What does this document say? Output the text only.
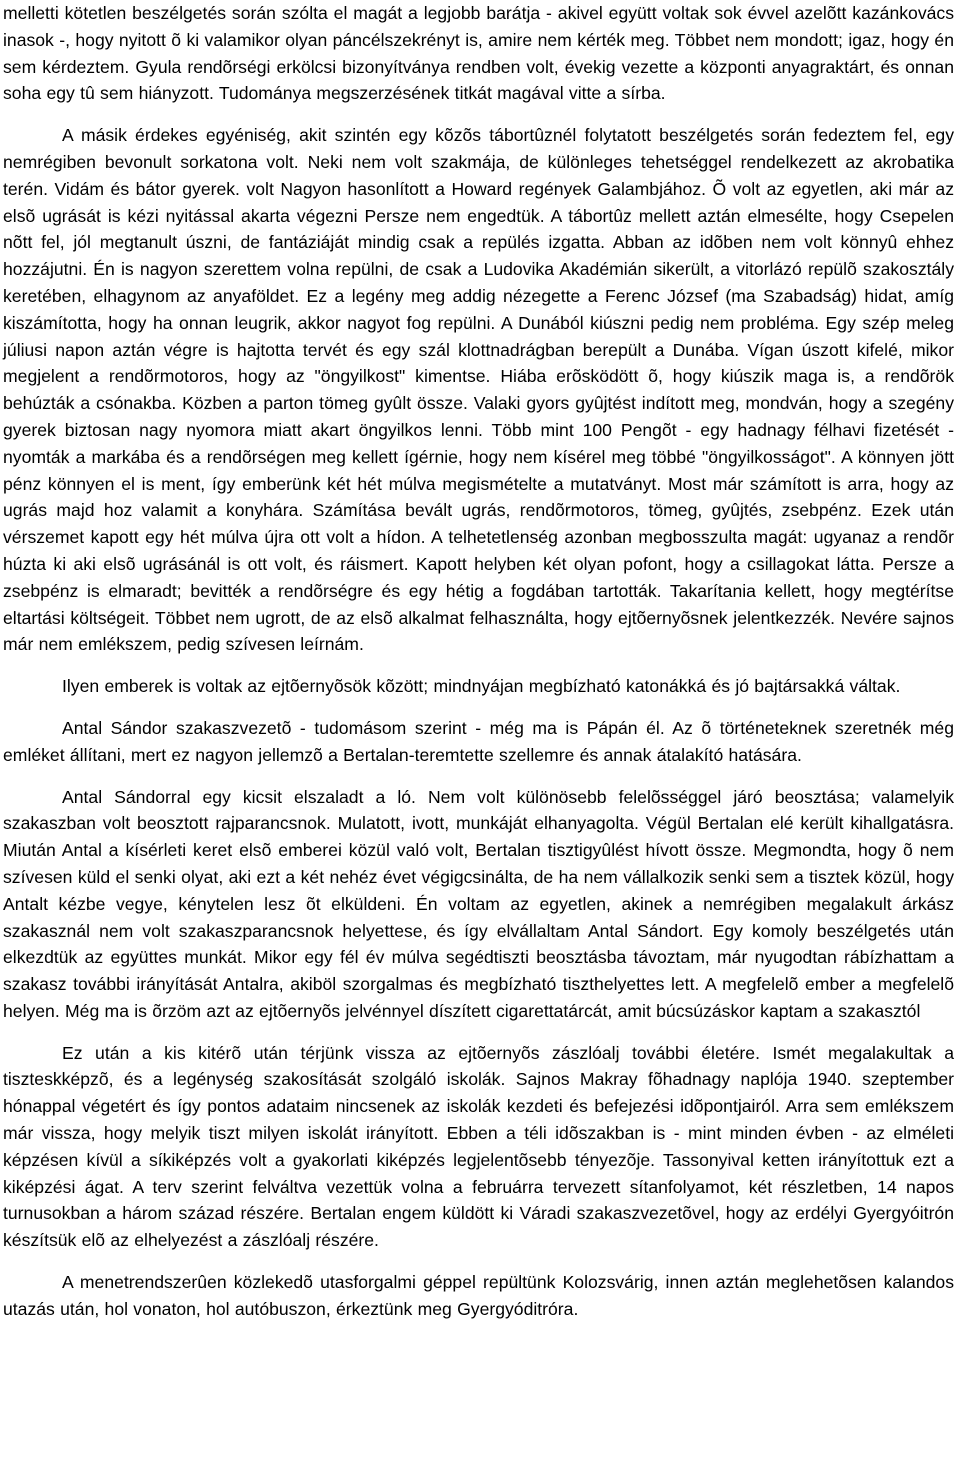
melletti kötetlen beszélgetés során szólta el magát a legjobb barátja - akivel együtt voltak sok évvel azelõtt kazánkovács inasok -, hogy nyitott õ ki valamikor olyan páncélszekrényt is, amire nem kérték meg. Többet nem mondott; igaz, hogy én sem kérdeztem. Gyula rendõrségi erkölcsi bizonyítványa rendben volt, évekig vezette a központi anyagraktárt, és onnan soha egy tû sem hiányzott. Tudománya megszerzésének titkát magával vitte a sírba.

A másik érdekes egyéniség, akit szintén egy kõzõs tábortûznél folytatott beszélgetés során fedeztem fel, egy nemrégiben bevonult sorkatona volt. Neki nem volt szakmája, de különleges tehetséggel rendelkezett az akrobatika terén. Vidám és bátor gyerek. volt Nagyon hasonlított a Howard regények Galambjához. Õ volt az egyetlen, aki már az elsõ ugrását is kézi nyitással akarta végezni Persze nem engedtük. A tábortûz mellett aztán elmesélte, hogy Csepelen nõtt fel, jól megtanult úszni, de fantáziáját mindig csak a repülés izgatta. Abban az idõben nem volt könnyû ehhez hozzájutni. Én is nagyon szerettem volna repülni, de csak a Ludovika Akadémián sikerült, a vitorlázó repülõ szakosztály keretében, elhagynom az anyaföldet. Ez a legény meg addig nézegette a Ferenc József (ma Szabadság) hidat, amíg kiszámította, hogy ha onnan leugrik, akkor nagyot fog repülni. A Dunából kiúszni pedig nem probléma. Egy szép meleg júliusi napon aztán végre is hajtotta tervét és egy szál klottnadrágban berepült a Dunába. Vígan úszott kifelé, mikor megjelent a rendõrmotoros, hogy az "öngyilkost" kimentse. Hiába erõsködött õ, hogy kiúszik maga is, a rendõrök behúzták a csónakba. Közben a parton tömeg gyûlt össze. Valaki gyors gyûjtést indított meg, mondván, hogy a szegény gyerek biztosan nagy nyomora miatt akart öngyilkos lenni. Több mint 100 Pengõt - egy hadnagy félhavi fizetését - nyomták a markába és a rendõrségen meg kellett ígérnie, hogy nem kísérel meg többé "öngyilkosságot". A könnyen jött pénz könnyen el is ment, így emberünk két hét múlva megismételte a mutatványt. Most már számított is arra, hogy az ugrás majd hoz valamit a konyhára. Számítása bevált ugrás, rendõrmotoros, tömeg, gyûjtés, zsebpénz. Ezek után vérszemet kapott egy hét múlva újra ott volt a hídon. A telhetetlenség azonban megbosszulta magát: ugyanaz a rendõr húzta ki aki elsõ ugrásánál is ott volt, és ráismert. Kapott helyben két olyan pofont, hogy a csillagokat látta. Persze a zsebpénz is elmaradt; bevitték a rendõrségre és egy hétig a fogdában tartották. Takarítania kellett, hogy megtérítse eltartási költségeit. Többet nem ugrott, de az elsõ alkalmat felhasználta, hogy ejtõernyõsnek jelentkezzék. Nevére sajnos már nem emlékszem, pedig szívesen leírnám.

Ilyen emberek is voltak az ejtõernyõsök kõzött; mindnyájan megbízható katonákká és jó bajtársakká váltak.

Antal Sándor szakaszvezetõ - tudomásom szerint - még ma is Pápán él. Az õ történeteknek szeretnék még emléket állítani, mert ez nagyon jellemzõ a Bertalan-teremtette szellemre és annak átalakító hatására.

Antal Sándorral egy kicsit elszaladt a ló. Nem volt különösebb felelõsséggel járó beosztása; valamelyik szakaszban volt beosztott rajparancsnok. Mulatott, ivott, munkáját elhanyagolta. Végül Bertalan elé került kihallgatásra. Miután Antal a kísérleti keret elsõ emberei közül való volt, Bertalan tisztigyûlést hívott össze. Megmondta, hogy õ nem szívesen küld el senki olyat, aki ezt a két nehéz évet végigcsinálta, de ha nem vállalkozik senki sem a tisztek közül, hogy Antalt kézbe vegye, kénytelen lesz õt elküldeni. Én voltam az egyetlen, akinek a nemrégiben megalakult árkász szakasznál nem volt szakaszparancsnok helyettese, és így elvállaltam Antal Sándort. Egy komoly beszélgetés után elkezdtük az együttes munkát. Mikor egy fél év múlva segédtiszti beosztásba távoztam, már nyugodtan rábízhattam a szakasz további irányítását Antalra, akiböl szorgalmas és megbízható tiszthelyettes lett. A megfelelõ ember a megfelelõ helyen. Még ma is õrzöm azt az ejtõernyõs jelvénnyel díszített cigarettatárcát, amit búcsúzáskor kaptam a szakasztól

Ez után a kis kitérõ után térjünk vissza az ejtõernyõs zászlóalj további életére. Ismét megalakultak a tiszteskképzõ, és a legénység szakosítását szolgáló iskolák. Sajnos Makray fõhadnagy naplója 1940. szeptember hónappal végetért és így pontos adataim nincsenek az iskolák kezdeti és befejezési idõpontjairól. Arra sem emlékszem már vissza, hogy melyik tiszt milyen iskolát irányított. Ebben a téli idõszakban is - mint minden évben - az elméleti képzésen kívül a síkiképzés volt a gyakorlati kiképzés legjelentõsebb tényezõje. Tassonyival ketten irányítottuk ezt a kiképzési ágat. A terv szerint felváltva vezettük volna a februárra tervezett sítanfolyamot, két részletben, 14 napos turnusokban a három század részére. Bertalan engem küldött ki Váradi szakaszvezetõvel, hogy az erdélyi Gyergyóitrón készítsük elõ az elhelyezést a zászlóalj részére.

A menetrendszerûen közlekedõ utasforgalmi géppel repültünk Kolozsvárig, innen aztán meglehetõsen kalandos utazás után, hol vonaton, hol autóbuszon, érkeztünk meg Gyergyóditróra.
